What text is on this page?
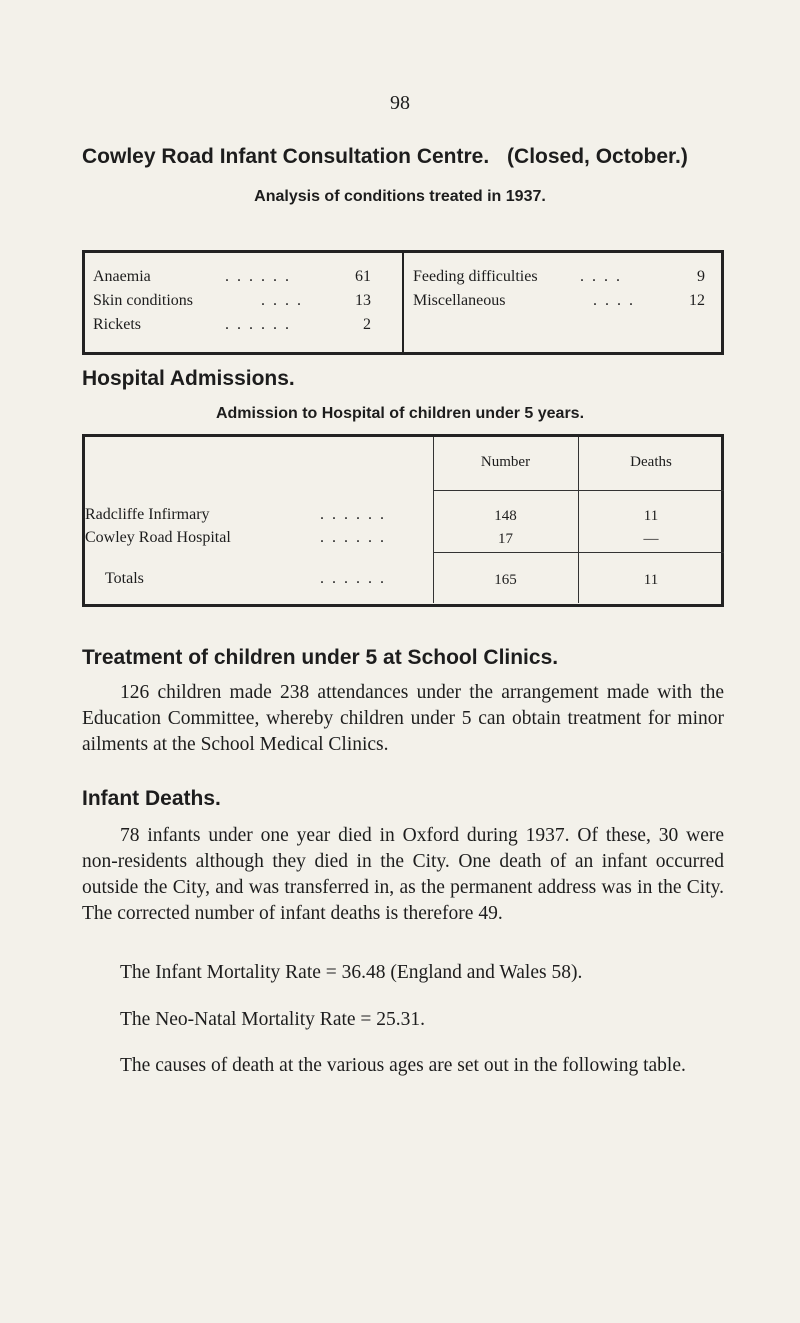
98
Cowley Road Infant Consultation Centre. (Closed, October.)
Analysis of conditions treated in 1937.
Anaemia	. . . . . .	61
Skin conditions	. . . .	13
Rickets	. . . . . .	2
Feeding difficulties	. . . .	9
Miscellaneous	. . . .	12
Hospital Admissions.
Admission to Hospital of children under 5 years.
Number	Deaths
Radcliffe Infirmary	. . . . . .	148	11
Cowley Road Hospital	. . . . . .	17	—
Totals	. . . . . .	165	11
Treatment of children under 5 at School Clinics.
126 children made 238 attendances under the arrangement made with the Education Committee, whereby children under 5 can obtain treatment for minor ailments at the School Medical Clinics.
Infant Deaths.
78 infants under one year died in Oxford during 1937. Of these, 30 were non-residents although they died in the City. One death of an infant occurred outside the City, and was transferred in, as the permanent address was in the City. The corrected number of infant deaths is therefore 49.
The Infant Mortality Rate = 36.48 (England and Wales 58).
The Neo-Natal Mortality Rate = 25.31.
The causes of death at the various ages are set out in the following table.
